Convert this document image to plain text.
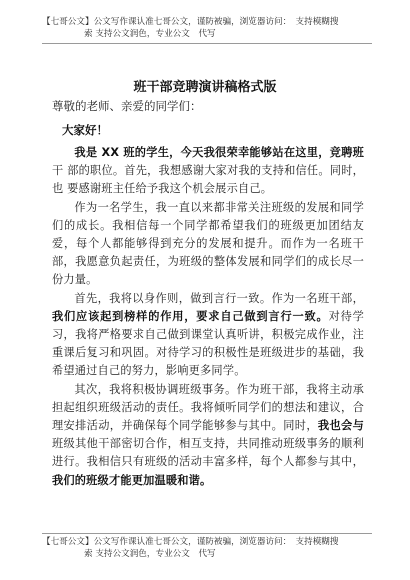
【七哥公文】公文写作课认准七哥公文，谨防被骗，浏览器访问：　支持模糊搜
索 支持公文润色，专业公文　代写
班干部竞聘演讲稿格式版
尊敬的老师、亲爱的同学们：
大家好！

我是 XX 班的学生，今天我很荣幸能够站在这里，竞聘班干 部的职位。首先，我想感谢大家对我的支持和信任。同时，也 要感谢班主任给予我这个机会展示自己。

作为一名学生，我一直以来都非常关注班级的发展和同学们的成长。我相信每一个同学都希望我们的班级更加团结友爱，每个人都能够得到充分的发展和提升。而作为一名班干部，我愿意负起责任，为班级的整体发展和同学们的成长尽一份力量。

首先，我将以身作则，做到言行一致。作为一名班干部，我们应该起到榜样的作用，要求自己做到言行一致。对待学习，我将严格要求自己做到课堂认真听讲，积极完成作业，注重课后复习和巩固。对待学习的积极性是班级进步的基础，我希望通过自己的努力，影响更多同学。

其次，我将积极协调班级事务。作为班干部，我将主动承担起组织班级活动的责任。我将倾听同学们的想法和建议，合理安排活动，并确保每个同学能够参与其中。同时，我也会与班级其他干部密切合作，相互支持，共同推动班级事务的顺利进行。我相信只有班级的活动丰富多样，每个人都参与其中，我们的班级才能更加温暖和谐。

【七哥公文】公文写作课认准七哥公文，谨防被骗，浏览器访问：　支持模糊搜
索 支持公文润色，专业公文　代写
